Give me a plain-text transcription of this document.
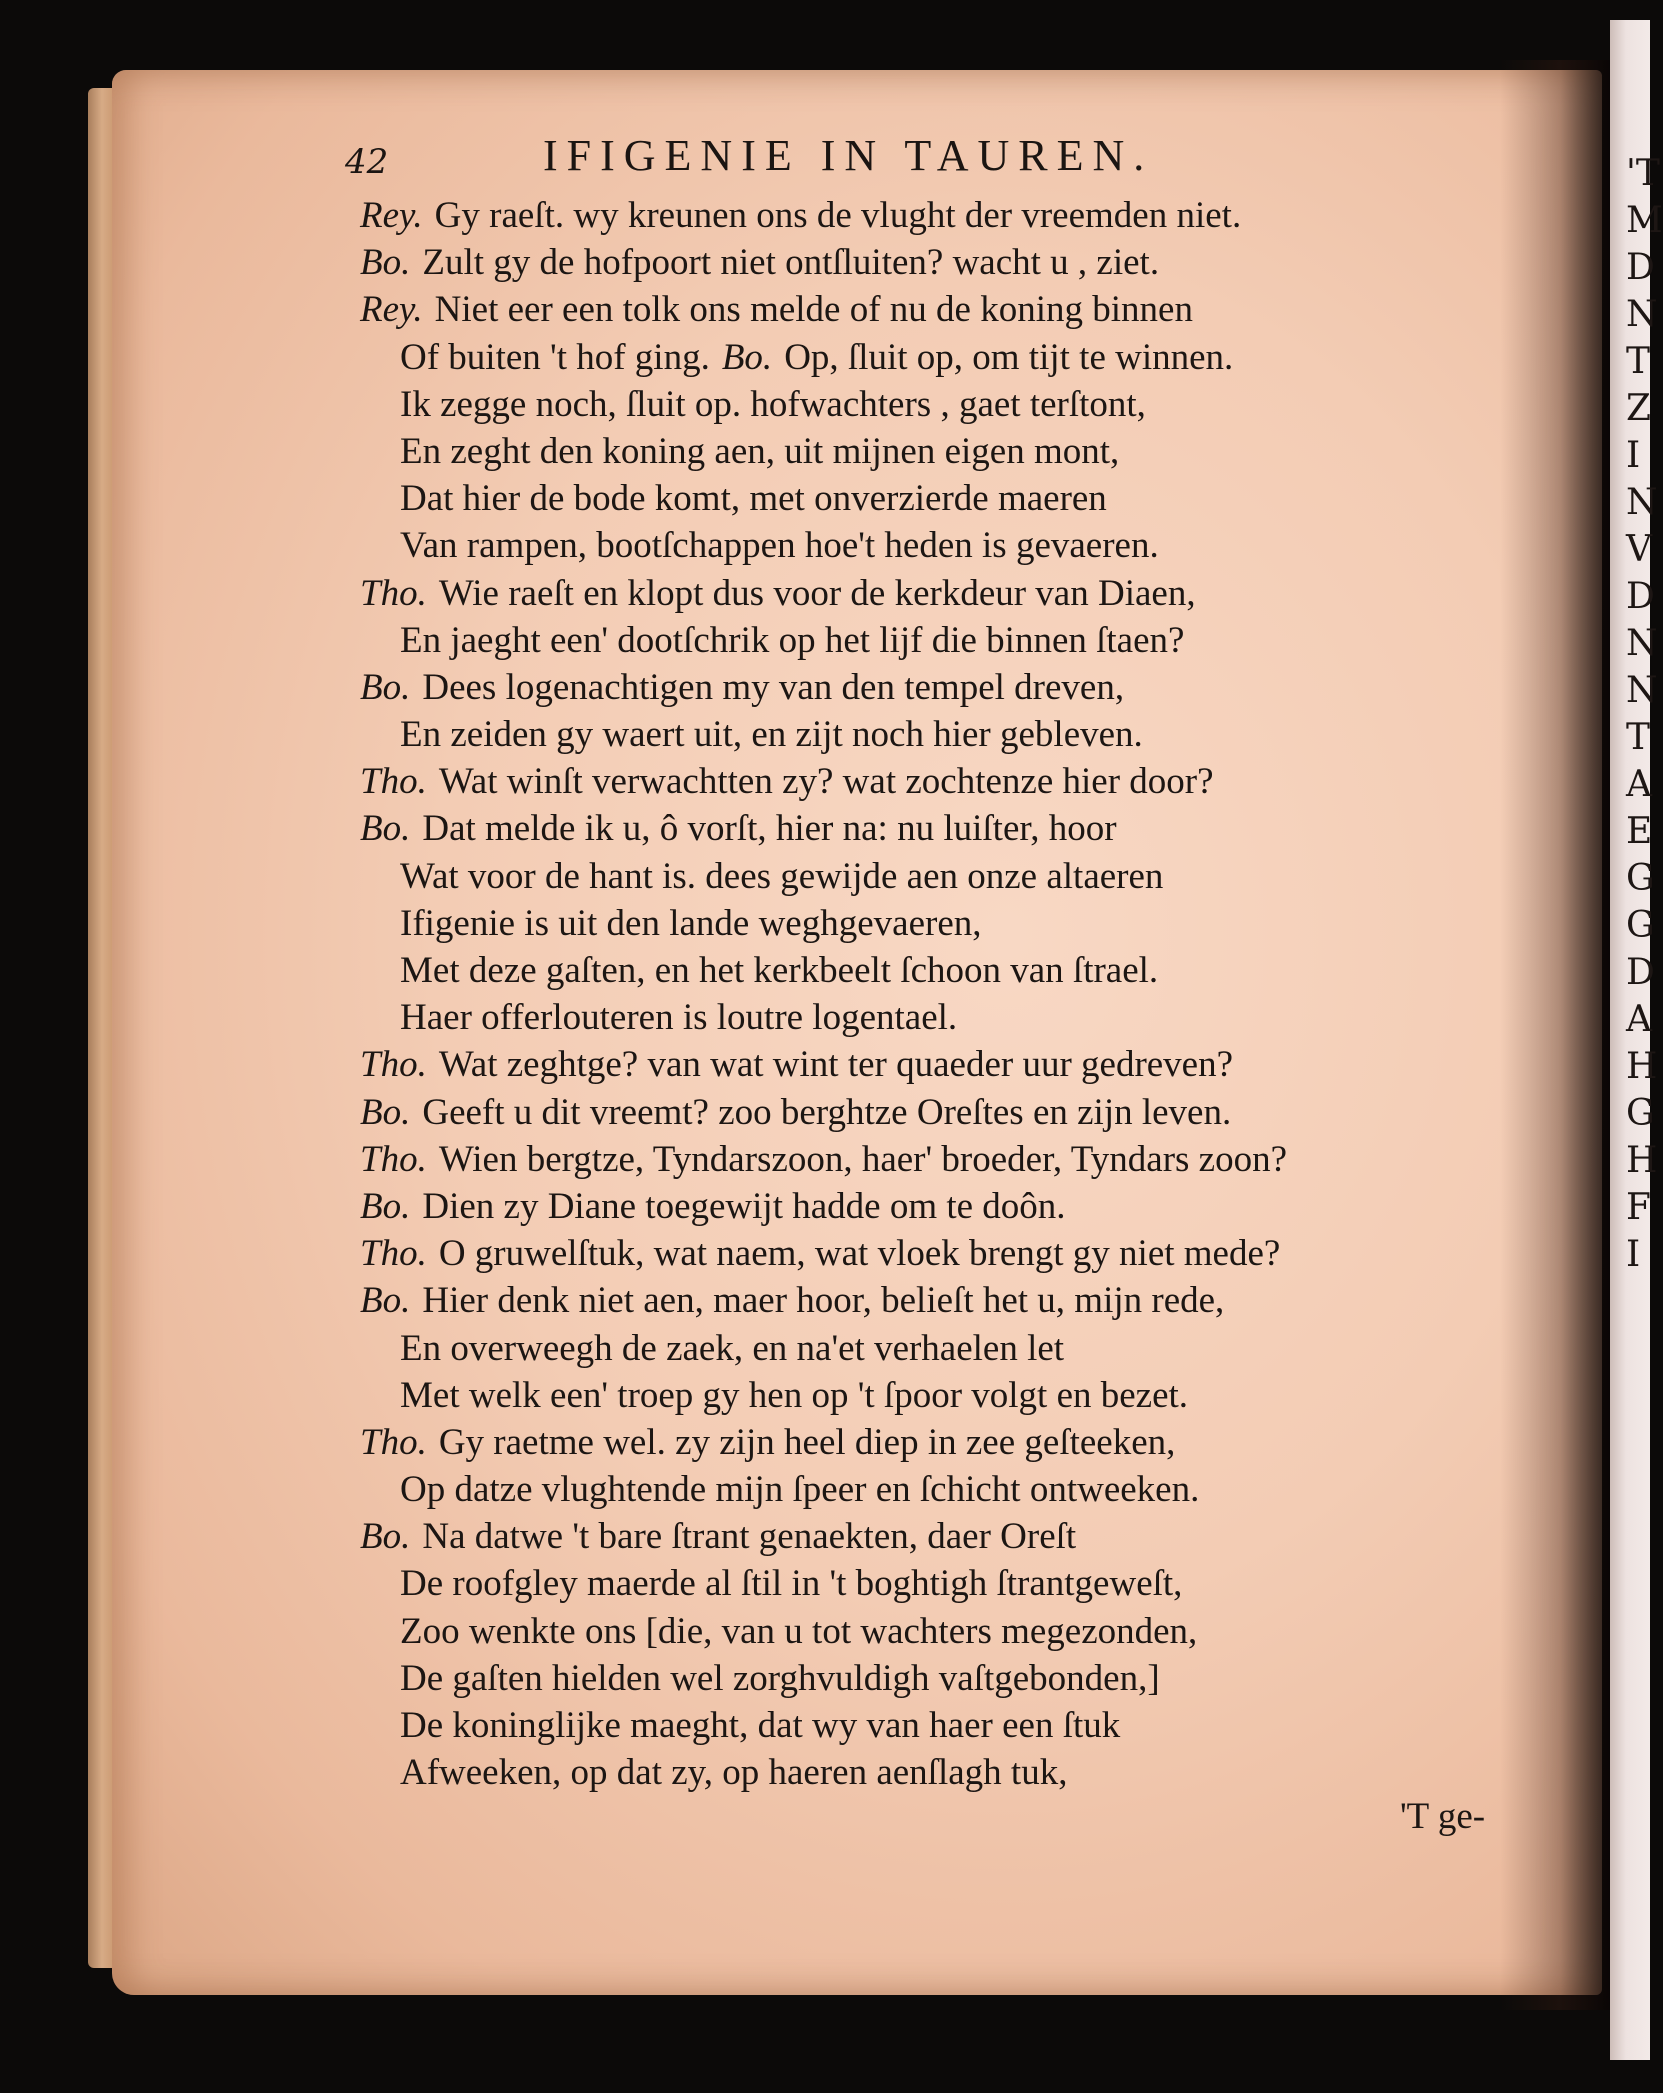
'T
M
D
N
T
Z
I
N
V
D
N
N
T
A
E
G
G
D
A
H
G
H
F
I
42	IFIGENIE IN TAUREN.
Rey. Gy raeſt. wy kreunen ons de vlught der vreemden niet.
Bo. Zult gy de hofpoort niet ontſluiten? wacht u , ziet.
Rey. Niet eer een tolk ons melde of nu de koning binnen
Of buiten 't hof ging. Bo. Op, ſluit op, om tijt te winnen.
Ik zegge noch, ſluit op. hofwachters , gaet terſtont,
En zeght den koning aen, uit mijnen eigen mont,
Dat hier de bode komt, met onverzierde maeren
Van rampen, bootſchappen hoe't heden is gevaeren.
Tho. Wie raeſt en klopt dus voor de kerkdeur van Diaen,
En jaeght een' dootſchrik op het lijf die binnen ſtaen?
Bo. Dees logenachtigen my van den tempel dreven,
En zeiden gy waert uit, en zijt noch hier gebleven.
Tho. Wat winſt verwachtten zy? wat zochtenze hier door?
Bo. Dat melde ik u, ô vorſt, hier na: nu luiſter, hoor
Wat voor de hant is. dees gewijde aen onze altaeren
Ifigenie is uit den lande weghgevaeren,
Met deze gaſten, en het kerkbeelt ſchoon van ſtrael.
Haer offerlouteren is loutre logentael.
Tho. Wat zeghtge? van wat wint ter quaeder uur gedreven?
Bo. Geeft u dit vreemt? zoo berghtze Oreſtes en zijn leven.
Tho. Wien bergtze, Tyndarszoon, haer' broeder, Tyndars zoon?
Bo. Dien zy Diane toegewijt hadde om te doôn.
Tho. O gruwelſtuk, wat naem, wat vloek brengt gy niet mede?
Bo. Hier denk niet aen, maer hoor, belieſt het u, mijn rede,
En overweegh de zaek, en na'et verhaelen let
Met welk een' troep gy hen op 't ſpoor volgt en bezet.
Tho. Gy raetme wel. zy zijn heel diep in zee geſteeken,
Op datze vlughtende mijn ſpeer en ſchicht ontweeken.
Bo. Na datwe 't bare ſtrant genaekten, daer Oreſt
De roofgley maerde al ſtil in 't boghtigh ſtrantgeweſt,
Zoo wenkte ons [die, van u tot wachters megezonden,
De gaſten hielden wel zorghvuldigh vaſtgebonden,]
De koninglijke maeght, dat wy van haer een ſtuk
Afweeken, op dat zy, op haeren aenſlagh tuk,
'T ge-
